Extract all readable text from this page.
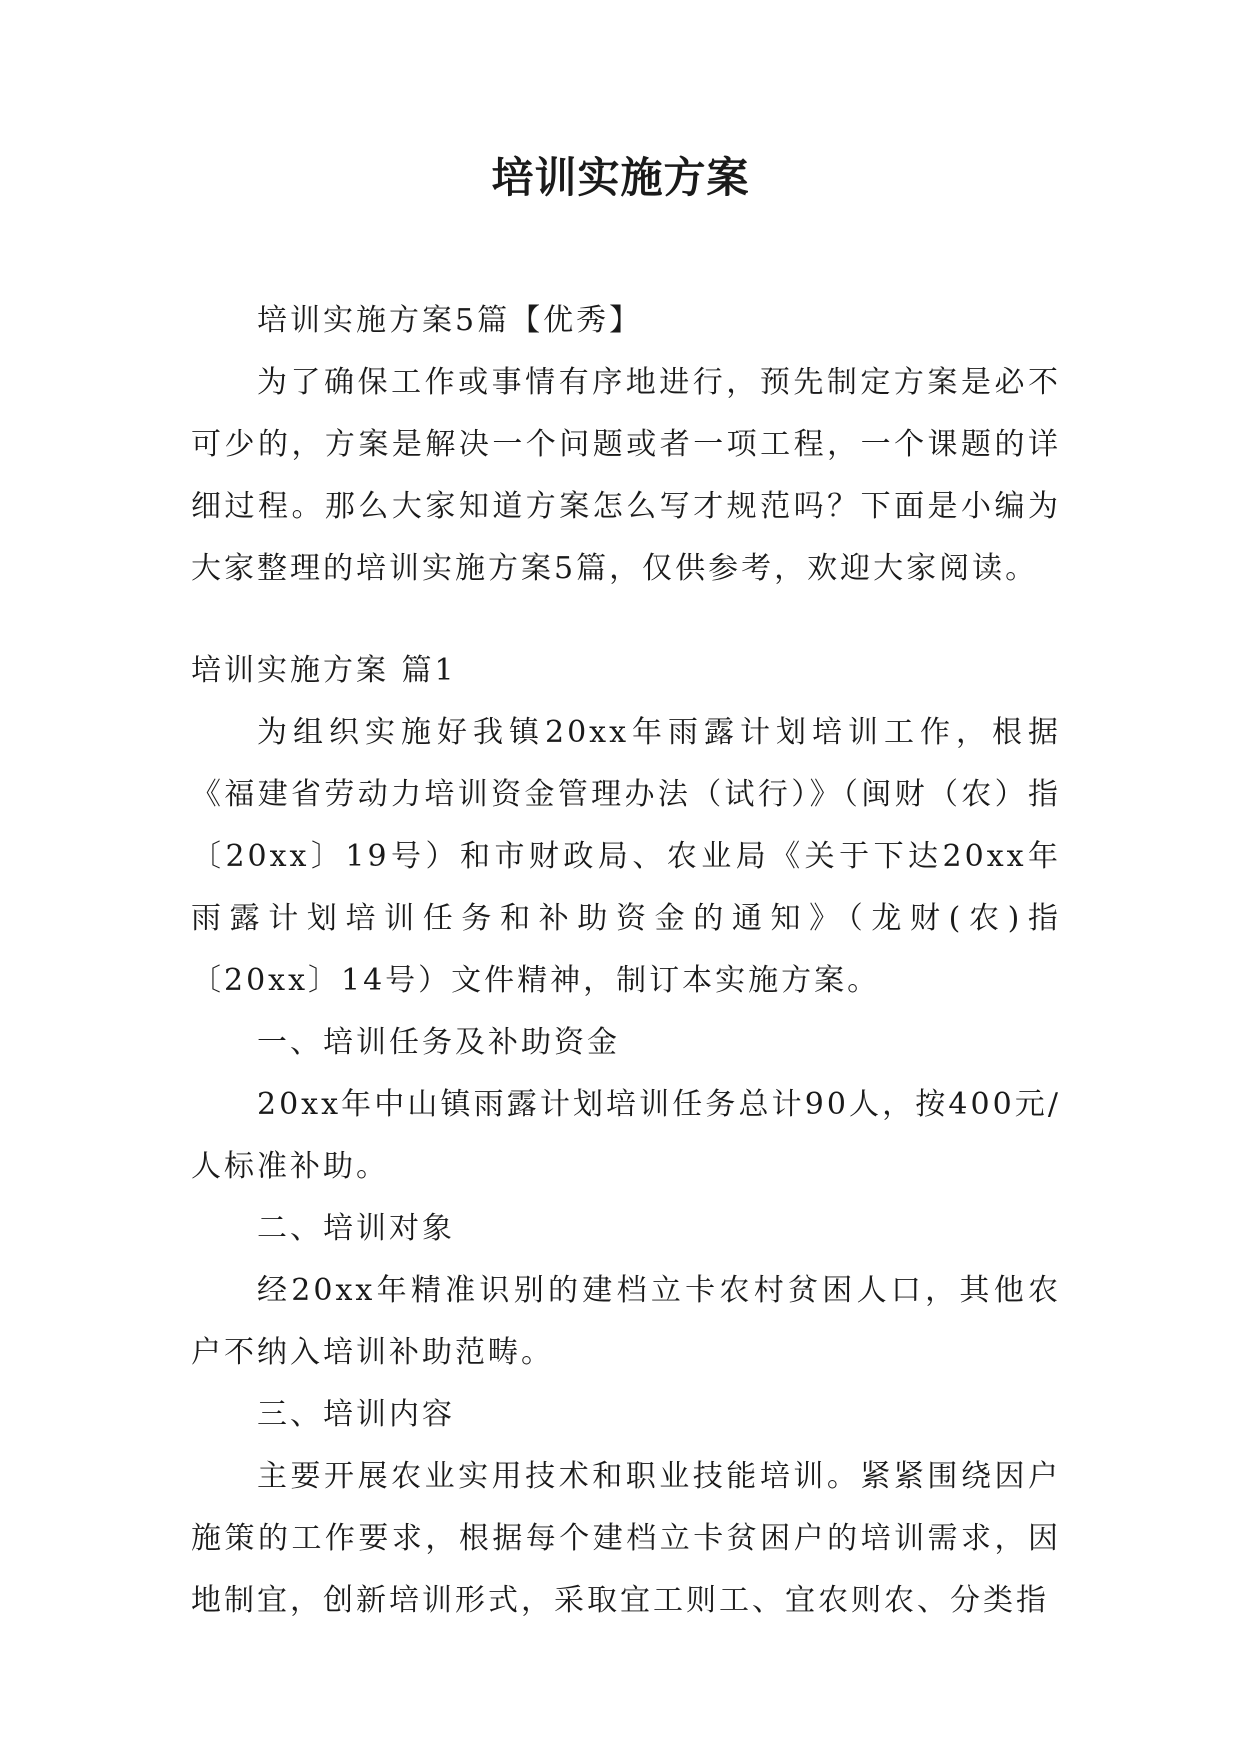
培训实施方案

培训实施方案5篇【优秀】

为了确保工作或事情有序地进行，预先制定方案是必不可少的，方案是解决一个问题或者一项工程，一个课题的详细过程。那么大家知道方案怎么写才规范吗？下面是小编为大家整理的培训实施方案5篇，仅供参考，欢迎大家阅读。

培训实施方案 篇1

为组织实施好我镇20xx年雨露计划培训工作，根据《福建省劳动力培训资金管理办法（试行）》（闽财（农）指〔20xx〕19号）和市财政局、农业局《关于下达20xx年雨露计划培训任务和补助资金的通知》（龙财(农)指〔20xx〕14号）文件精神，制订本实施方案。

一、培训任务及补助资金

20xx年中山镇雨露计划培训任务总计90人，按400元/人标准补助。

二、培训对象

经20xx年精准识别的建档立卡农村贫困人口，其他农户不纳入培训补助范畴。

三、培训内容

主要开展农业实用技术和职业技能培训。紧紧围绕因户施策的工作要求，根据每个建档立卡贫困户的培训需求，因地制宜，创新培训形式，采取宜工则工、宜农则农、分类指
